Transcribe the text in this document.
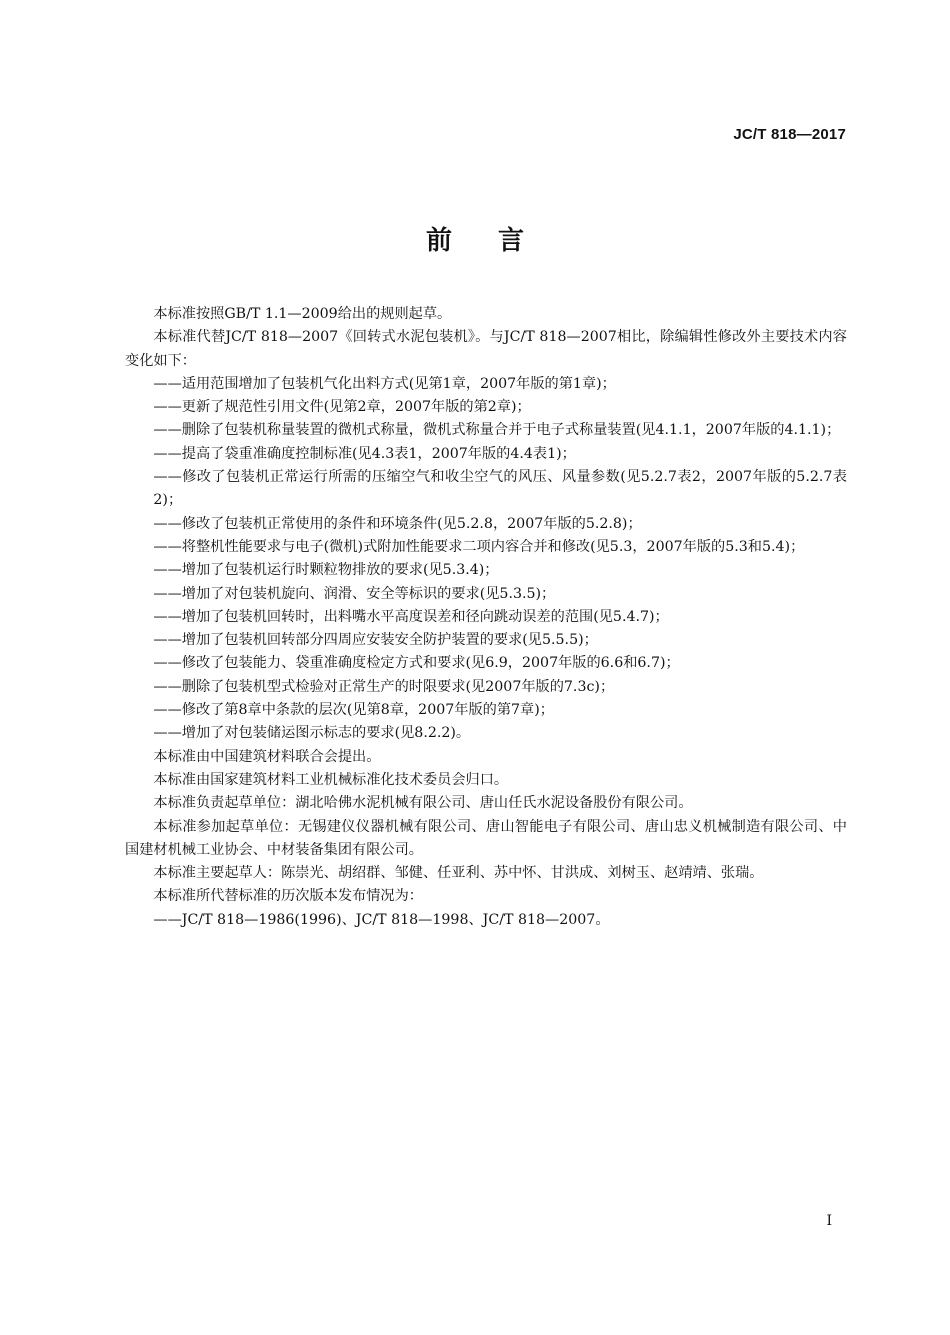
JC/T 818—2017
前言

本标准按照GB/T 1.1—2009给出的规则起草。

本标准代替JC/T 818—2007《回转式水泥包装机》。与JC/T 818—2007相比，除编辑性修改外主要技术内容变化如下：

——适用范围增加了包装机气化出料方式(见第1章，2007年版的第1章)；

——更新了规范性引用文件(见第2章，2007年版的第2章)；

——删除了包装机称量装置的微机式称量，微机式称量合并于电子式称量装置(见4.1.1，2007年版的4.1.1)；

——提高了袋重准确度控制标准(见4.3表1，2007年版的4.4表1)；

——修改了包装机正常运行所需的压缩空气和收尘空气的风压、风量参数(见5.2.7表2，2007年版的5.2.7表2)；

——修改了包装机正常使用的条件和环境条件(见5.2.8，2007年版的5.2.8)；

——将整机性能要求与电子(微机)式附加性能要求二项内容合并和修改(见5.3，2007年版的5.3和5.4)；

——增加了包装机运行时颗粒物排放的要求(见5.3.4)；

——增加了对包装机旋向、润滑、安全等标识的要求(见5.3.5)；

——增加了包装机回转时，出料嘴水平高度误差和径向跳动误差的范围(见5.4.7)；

——增加了包装机回转部分四周应安装安全防护装置的要求(见5.5.5)；

——修改了包装能力、袋重准确度检定方式和要求(见6.9，2007年版的6.6和6.7)；

——删除了包装机型式检验对正常生产的时限要求(见2007年版的7.3c)；

——修改了第8章中条款的层次(见第8章，2007年版的第7章)；

——增加了对包装储运图示标志的要求(见8.2.2)。

本标准由中国建筑材料联合会提出。

本标准由国家建筑材料工业机械标准化技术委员会归口。

本标准负责起草单位：湖北哈佛水泥机械有限公司、唐山任氏水泥设备股份有限公司。

本标准参加起草单位：无锡建仪仪器机械有限公司、唐山智能电子有限公司、唐山忠义机械制造有限公司、中国建材机械工业协会、中材装备集团有限公司。

本标准主要起草人：陈崇光、胡绍群、邹健、任亚利、苏中怀、甘洪成、刘树玉、赵靖靖、张瑞。

本标准所代替标准的历次版本发布情况为：

——JC/T 818—1986(1996)、JC/T 818—1998、JC/T 818—2007。

I
